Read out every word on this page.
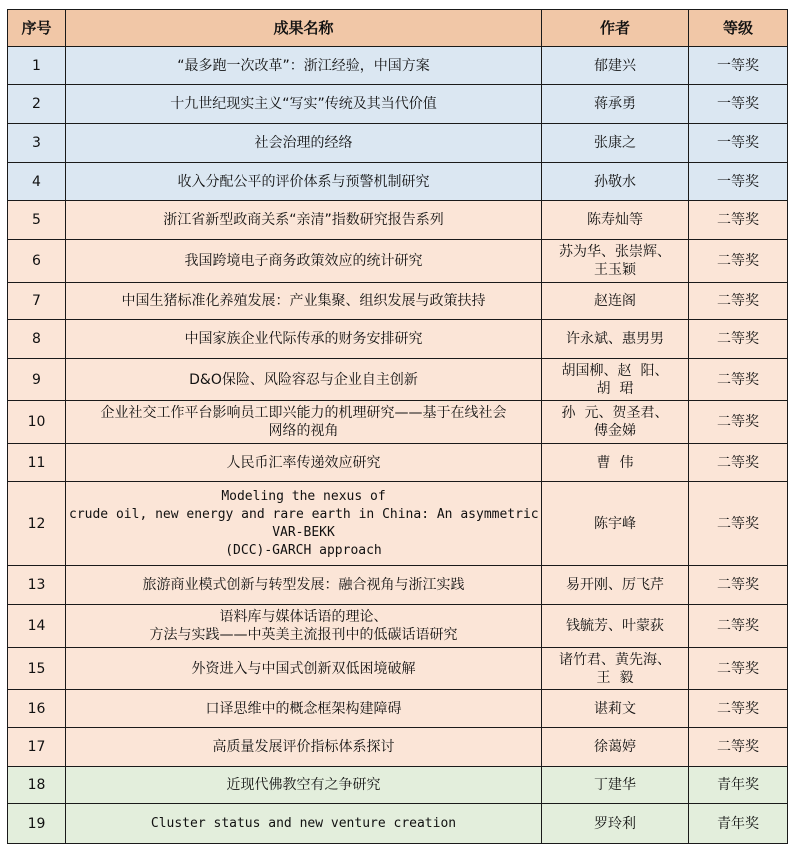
序号	成果名称	作者	等级
1	“最多跑一次改革”：浙江经验，中国方案	郁建兴	一等奖
2	十九世纪现实主义“写实”传统及其当代价值	蒋承勇	一等奖
3	社会治理的经络	张康之	一等奖
4	收入分配公平的评价体系与预警机制研究	孙敬水	一等奖
5	浙江省新型政商关系“亲清”指数研究报告系列	陈寿灿等	二等奖
6	我国跨境电子商务政策效应的统计研究	苏为华、张崇辉、
王玉颖	二等奖
7	中国生猪标准化养殖发展：产业集聚、组织发展与政策扶持	赵连阁	二等奖
8	中国家族企业代际传承的财务安排研究	许永斌、惠男男	二等奖
9	D&O保险、风险容忍与企业自主创新	胡国柳、赵  阳、
胡  珺	二等奖
10	企业社交工作平台影响员工即兴能力的机理研究——基于在线社会
网络的视角	孙  元、贺圣君、
傅金娣	二等奖
11	人民币汇率传递效应研究	曹  伟	二等奖
12	Modeling the nexus of
crude oil, new energy and rare earth in China: An asymmetric
VAR-BEKK
(DCC)-GARCH approach	陈宇峰	二等奖
13	旅游商业模式创新与转型发展：融合视角与浙江实践	易开刚、厉飞芹	二等奖
14	语料库与媒体话语的理论、
方法与实践——中英美主流报刊中的低碳话语研究	钱毓芳、叶蒙荻	二等奖
15	外资进入与中国式创新双低困境破解	诸竹君、黄先海、
王  毅	二等奖
16	口译思维中的概念框架构建障碍	谌莉文	二等奖
17	高质量发展评价指标体系探讨	徐蔼婷	二等奖
18	近现代佛教空有之争研究	丁建华	青年奖
19	Cluster status and new venture creation	罗玲利	青年奖
